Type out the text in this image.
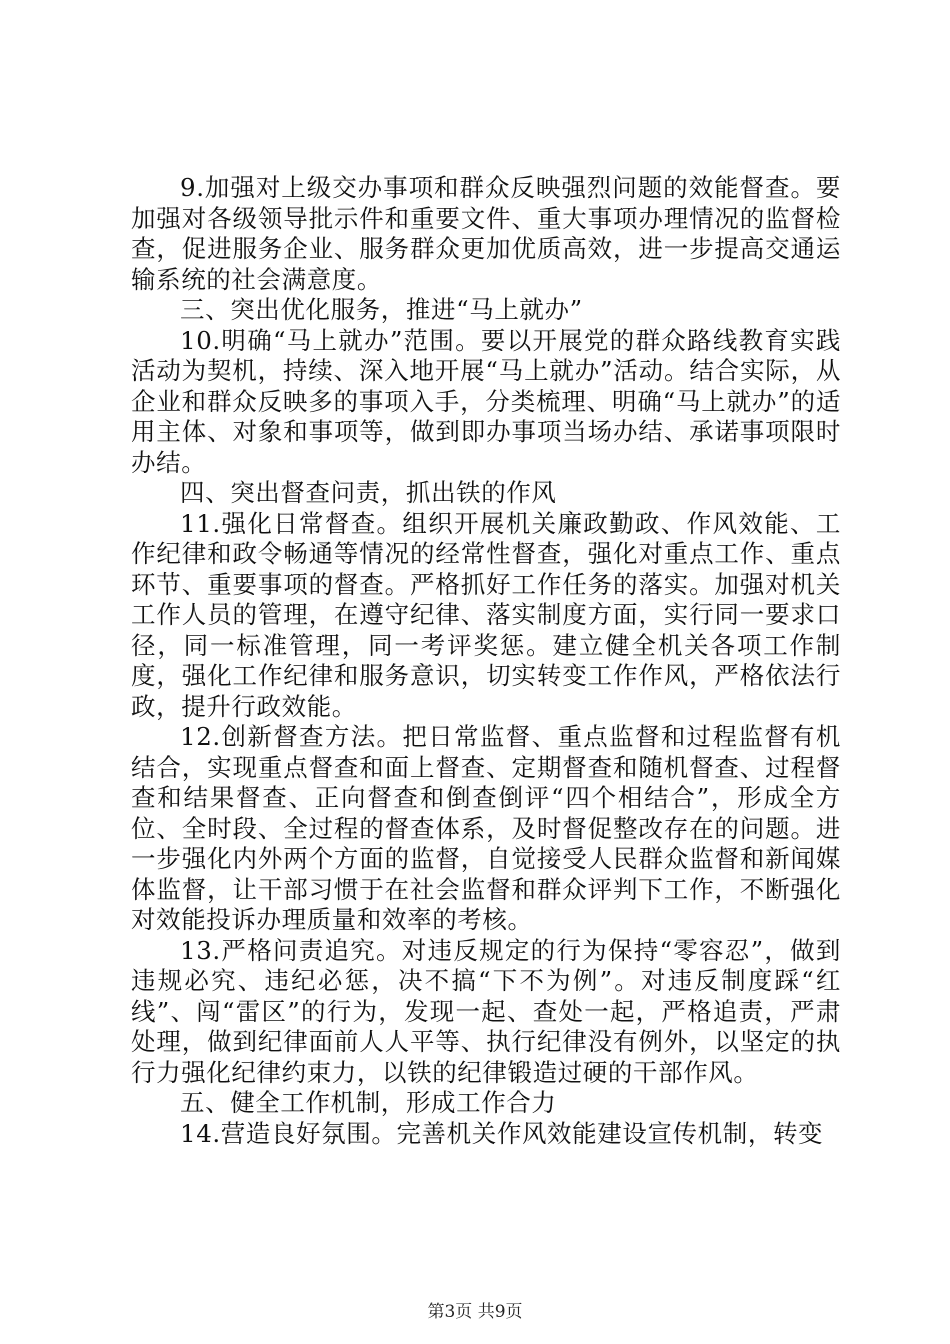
9.加强对上级交办事项和群众反映强烈问题的效能督查。要加强对各级领导批示件和重要文件、重大事项办理情况的监督检查，促进服务企业、服务群众更加优质高效，进一步提高交通运输系统的社会满意度。

三、突出优化服务，推进“马上就办”

10.明确“马上就办”范围。要以开展党的群众路线教育实践活动为契机，持续、深入地开展“马上就办”活动。结合实际，从企业和群众反映多的事项入手，分类梳理、明确“马上就办”的适用主体、对象和事项等，做到即办事项当场办结、承诺事项限时办结。

四、突出督查问责，抓出铁的作风

11.强化日常督查。组织开展机关廉政勤政、作风效能、工作纪律和政令畅通等情况的经常性督查，强化对重点工作、重点环节、重要事项的督查。严格抓好工作任务的落实。加强对机关工作人员的管理，在遵守纪律、落实制度方面，实行同一要求口径，同一标准管理，同一考评奖惩。建立健全机关各项工作制度，强化工作纪律和服务意识，切实转变工作作风，严格依法行政，提升行政效能。

12.创新督查方法。把日常监督、重点监督和过程监督有机结合，实现重点督查和面上督查、定期督查和随机督查、过程督查和结果督查、正向督查和倒查倒评“四个相结合”，形成全方位、全时段、全过程的督查体系，及时督促整改存在的问题。进一步强化内外两个方面的监督，自觉接受人民群众监督和新闻媒体监督，让干部习惯于在社会监督和群众评判下工作，不断强化对效能投诉办理质量和效率的考核。

13.严格问责追究。对违反规定的行为保持“零容忍”，做到违规必究、违纪必惩，决不搞“下不为例”。对违反制度踩“红线”、闯“雷区”的行为，发现一起、查处一起，严格追责，严肃处理，做到纪律面前人人平等、执行纪律没有例外，以坚定的执行力强化纪律约束力，以铁的纪律锻造过硬的干部作风。

五、健全工作机制，形成工作合力

14.营造良好氛围。完善机关作风效能建设宣传机制，转变

第3页 共9页
